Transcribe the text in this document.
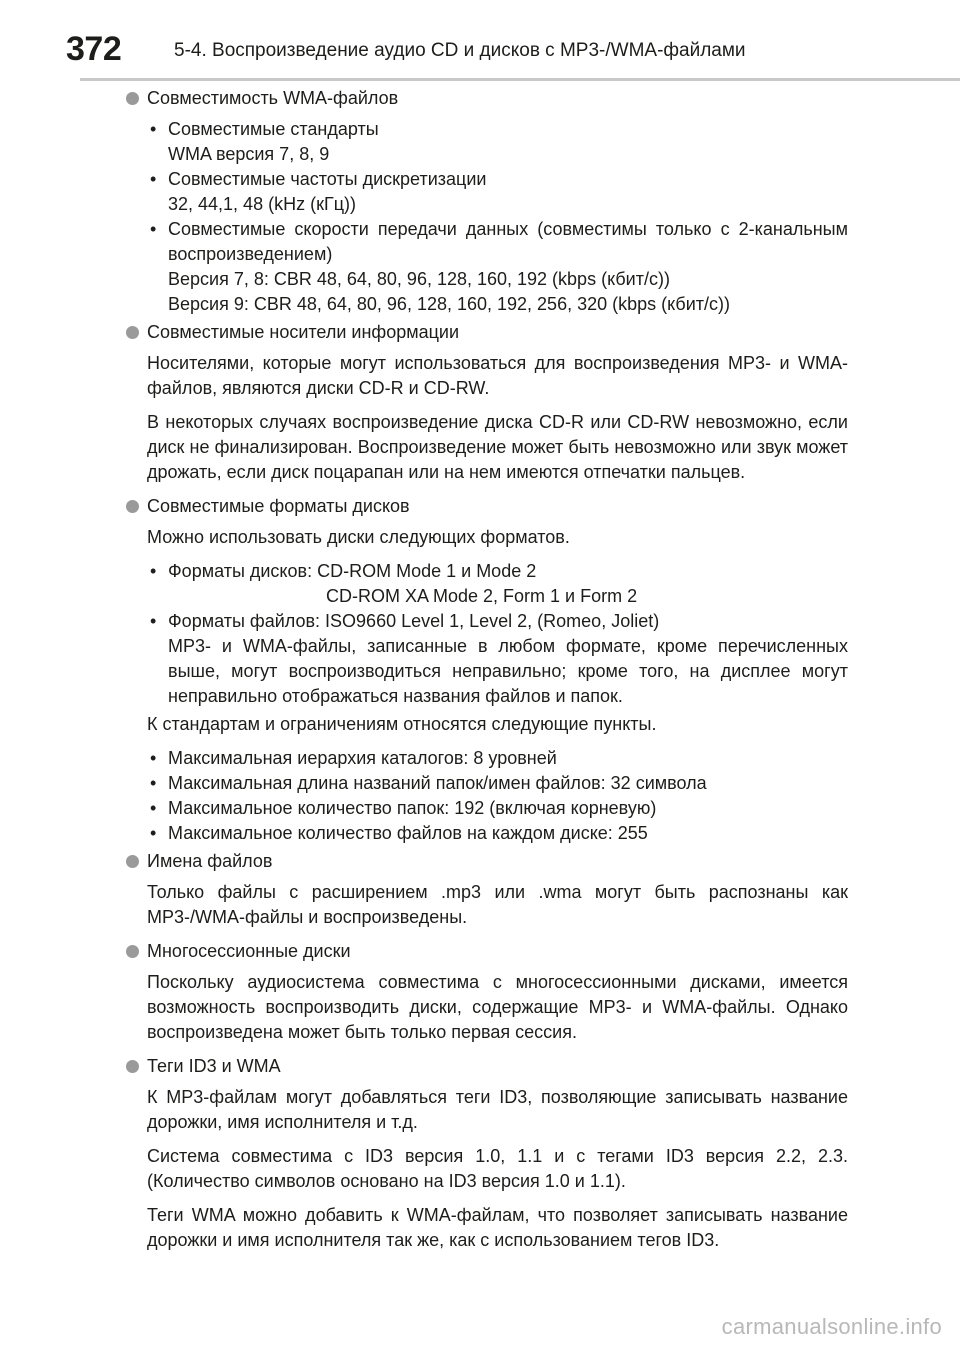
372	5-4. Воспроизведение аудио CD и дисков с MP3-/WMA-файлами
Совместимость WMA-файлов
• Совместимые стандарты
WMA версия 7, 8, 9
• Совместимые частоты дискретизации
32, 44,1, 48 (kHz (кГц))
• Совместимые скорости передачи данных (совместимы только с 2-канальным воспроизведением)
Версия 7, 8: CBR 48, 64, 80, 96, 128, 160, 192 (kbps (кбит/с))
Версия 9: CBR 48, 64, 80, 96, 128, 160, 192, 256, 320 (kbps (кбит/с))
Совместимые носители информации

Носителями, которые могут использоваться для воспроизведения MP3- и WMA-файлов, являются диски CD-R и CD-RW.

В некоторых случаях воспроизведение диска CD-R или CD-RW невозможно, если диск не финализирован. Воспроизведение может быть невозможно или звук может дрожать, если диск поцарапан или на нем имеются отпечатки пальцев.

Совместимые форматы дисков

Можно использовать диски следующих форматов.

• Форматы дисков: CD-ROM Mode 1 и Mode 2
CD-ROM XA Mode 2, Form 1 и Form 2
• Форматы файлов: ISO9660 Level 1, Level 2, (Romeo, Joliet)
MP3- и WMA-файлы, записанные в любом формате, кроме перечисленных выше, могут воспроизводиться неправильно; кроме того, на дисплее могут неправильно отображаться названия файлов и папок.

К стандартам и ограничениям относятся следующие пункты.

• Максимальная иерархия каталогов: 8 уровней
• Максимальная длина названий папок/имен файлов: 32 символа
• Максимальное количество папок: 192 (включая корневую)
• Максимальное количество файлов на каждом диске: 255
Имена файлов

Только файлы с расширением .mp3 или .wma могут быть распознаны как MP3-/WMA-файлы и воспроизведены.

Многосессионные диски

Поскольку аудиосистема совместима с многосессионными дисками, имеется возможность воспроизводить диски, содержащие MP3- и WMA-файлы. Однако воспроизведена может быть только первая сессия.

Теги ID3 и WMA

К MP3-файлам могут добавляться теги ID3, позволяющие записывать название дорожки, имя исполнителя и т.д.

Система совместима с ID3 версия 1.0, 1.1 и с тегами ID3 версия 2.2, 2.3. (Количество символов основано на ID3 версия 1.0 и 1.1).

Теги WMA можно добавить к WMA-файлам, что позволяет записывать название дорожки и имя исполнителя так же, как с использованием тегов ID3.

carmanualsonline.info
